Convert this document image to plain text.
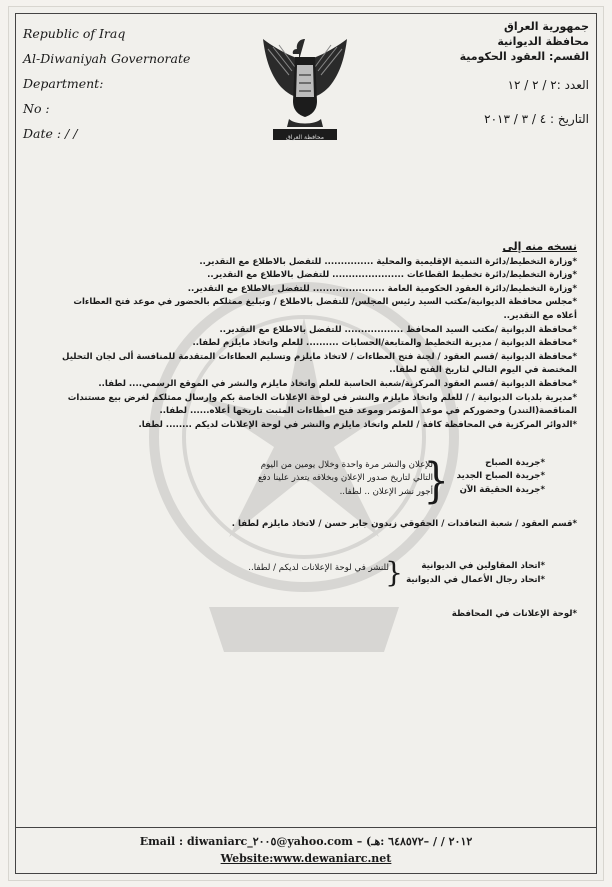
Republic of Iraq
Al-Diwaniyah Governorate
Department:
No :
Date : / /
جمهورية العراق
محافظة الديوانية
القسم: العقود الحكومية
العدد :٢ / ٢ / ١٢
التاريخ : ٤ / ٣ / ٢٠١٣
محافظة العراق
نسخه منه إلى
*وزارة التخطيط/دائرة التنمية الإقليمية والمحلية ............... للتفضل بالاطلاع مع التقدير..
*وزارة التخطيط/دائرة تخطيط القطاعات ...................... للتفضل بالاطلاع مع التقدير..
*وزارة التخطيط/دائرة العقود الحكومية العامة ...................... للتفضل بالاطلاع مع التقدير..
*مجلس محافظة الديوانية/مكتب السيد رئيس المجلس/ للتفضل بالاطلاع / وتبليغ ممثلكم بالحضور في موعد فتح العطاءات أعلاه مع التقدير..
*محافظة الديوانية /مكتب السيد المحافظ .................. للتفضل بالاطلاع مع التقدير..
*محافظة الديوانية / مديرية التخطيط والمتابعة/الحسابات .......... للعلم واتخاذ مايلزم لطفا..
*محافظة الديوانية /قسم العقود / لجنة فتح العطاءات / لاتخاذ مايلزم وتسليم العطاءات المتقدمة للمنافسة ألى لجان التحليل المختصة في اليوم التالي لتاريخ الفتح لطفا..
*محافظة الديوانية /قسم العقود المركزية/شعبة الحاسبة للعلم واتخاذ مايلزم والنشر في الموقع الرسمي.... لطفا..
*مديرية بلديات الديوانية / / للعلم واتخاذ مايلزم والنشر في لوحة الإعلانات الخاصة بكم وإرسال ممثلكم لغرض بيع مستندات المناقصة(التندر) وحضوركم في موعد المؤتمر وموعد فتح العطاءات المثبت تاريخها أعلاه...... لطفا..
*الدوائر المركزية في المحافظة كافة / للعلم واتخاذ مايلزم والنشر في لوحة الإعلانات لديكم ........ لطفا.
*جريدة الصباح
*جريدة الصباح الجديد
*جريدة الحقيقة الآن
{
للإعلان والنشر مرة واحدة وخلال يومين من اليوم التالي لتاريخ صدور الإعلان وبخلافه يتعذر علينا دفع أجور نشر الإعلان .. لطفا..
*قسم العقود / شعبة التعاقدات / الحقوقي زيدون جابر حسن / لاتخاذ مايلزم لطفا .
*اتحاد المقاولين في الديوانية
*اتحاد رجال الأعمال في الديوانية
{
للنشر في لوحة الإعلانات لديكم / لطفا..
*لوحة الإعلانات في المحافظة
Email : diwaniarc_٢٠٠٥@yahoo.com – (٢٠١٢ / / –٦٤٨٥٧٢ :هـ
Website:www.dewaniarc.net
